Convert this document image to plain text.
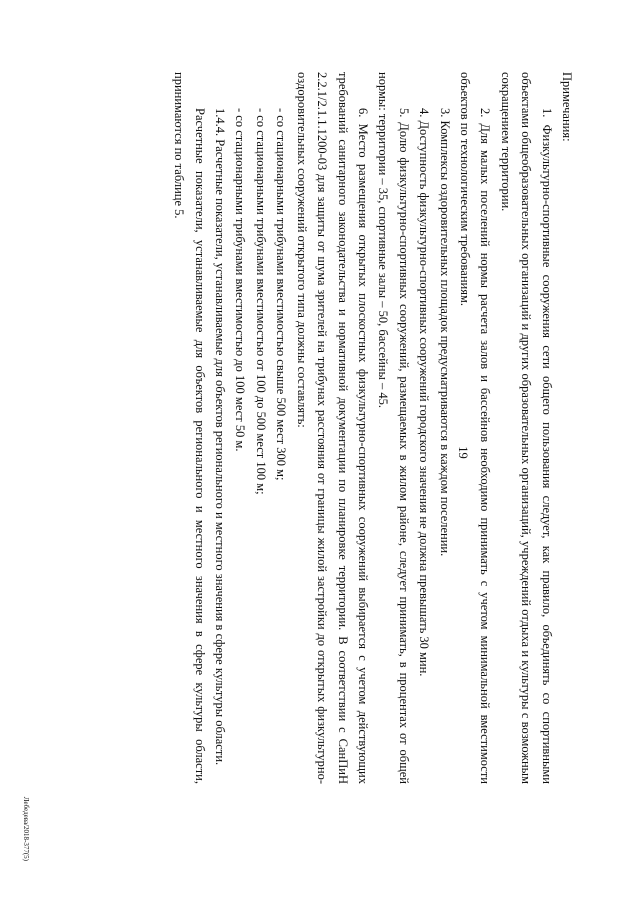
19

Примечания:

1. Физкультурно-спортивные сооружения сети общего пользования следует, как правило, объединять со спортивными объектами общеобразовательных организаций и других образовательных организаций, учреждений отдыха и культуры с возможным сокращением территории.

2. Для малых поселений нормы расчета залов и бассейнов необходимо принимать с учетом минимальной вместимости объектов по технологическим требованиям.

3. Комплексы оздоровительных площадок предусматриваются в каждом поселении.

4. Доступность физкультурно-спортивных сооружений городского значения не должна превышать 30 мин.

5. Долю физкультурно-спортивных сооружений, размещаемых в жилом районе, следует принимать, в процентах от общей нормы: территории – 35, спортивные залы – 50, бассейны – 45.

6. Место размещения открытых плоскостных физкультурно-спортивных сооружений выбирается с учетом действующих требований санитарного законодательства и нормативной документации по планировке территории. В соответствии с СанПиН 2.2.1/2.1.1.1200-03 для защиты от шума зрителей на трибунах расстояния от границы жилой застройки до открытых физкультурно-оздоровительных сооружений открытого типа должны составлять:

- со стационарными трибунами вместимостью свыше 500 мест 300 м;

- со стационарными трибунами вместимостью от 100 до 500 мест 100 м;

- со стационарными трибунами вместимостью до 100 мест 50 м.

1.4.4. Расчетные показатели, устанавливаемые для объектов регионального и местного значения в сфере культуры области.

Расчетные показатели, устанавливаемые для объектов регионального и местного значения в сфере культуры области, принимаются по таблице 5.

Лебедева/2018-377(5)
